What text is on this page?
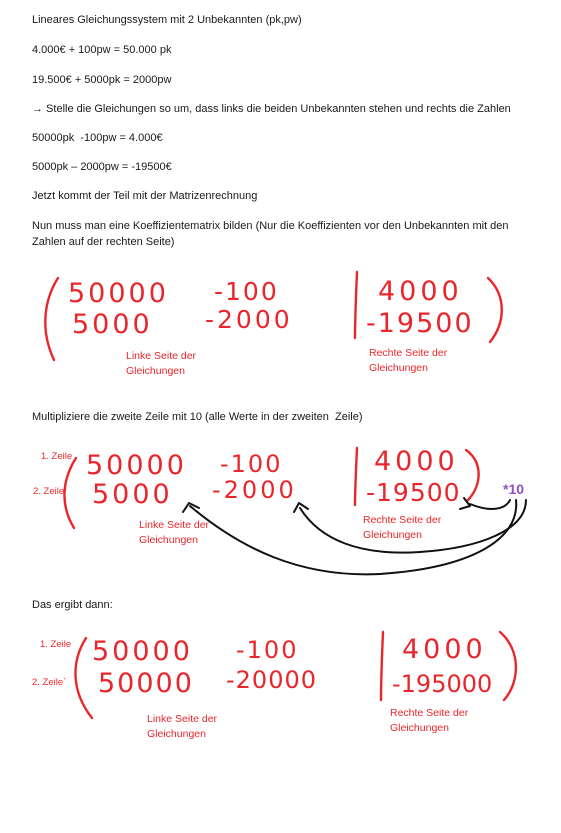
Lineares Gleichungssystem mit 2 Unbekannten (pk,pw)
4.000€ + 100pw = 50.000 pk
19.500€ + 5000pk = 2000pw
→ Stelle die Gleichungen so um, dass links die beiden Unbekannten stehen und rechts die Zahlen
50000pk  -100pw = 4.000€
5000pk – 2000pw = -19500€
Jetzt kommt der Teil mit der Matrizenrechnung
Nun muss man eine Koeffizientematrix bilden (Nur die Koeffizienten vor den Unbekannten mit den Zahlen auf der rechten Seite)
Multipliziere die zweite Zeile mit 10 (alle Werte in der zweiten  Zeile)
Das ergibt dann:
50000 -100	4000
5000 -2000	-19500
50000 -100	4000
5000 -2000	-19500
50000 -100	4000
50000 -20000	-195000
Linke Seite der
Gleichungen
Rechte Seite der
Gleichungen
1. Zeile
2. Zeile`	*10
Linke Seite der
Gleichungen
Rechte Seite der
Gleichungen
1. Zeile
2. Zeile`
Linke Seite der
Gleichungen
Rechte Seite der
Gleichungen
